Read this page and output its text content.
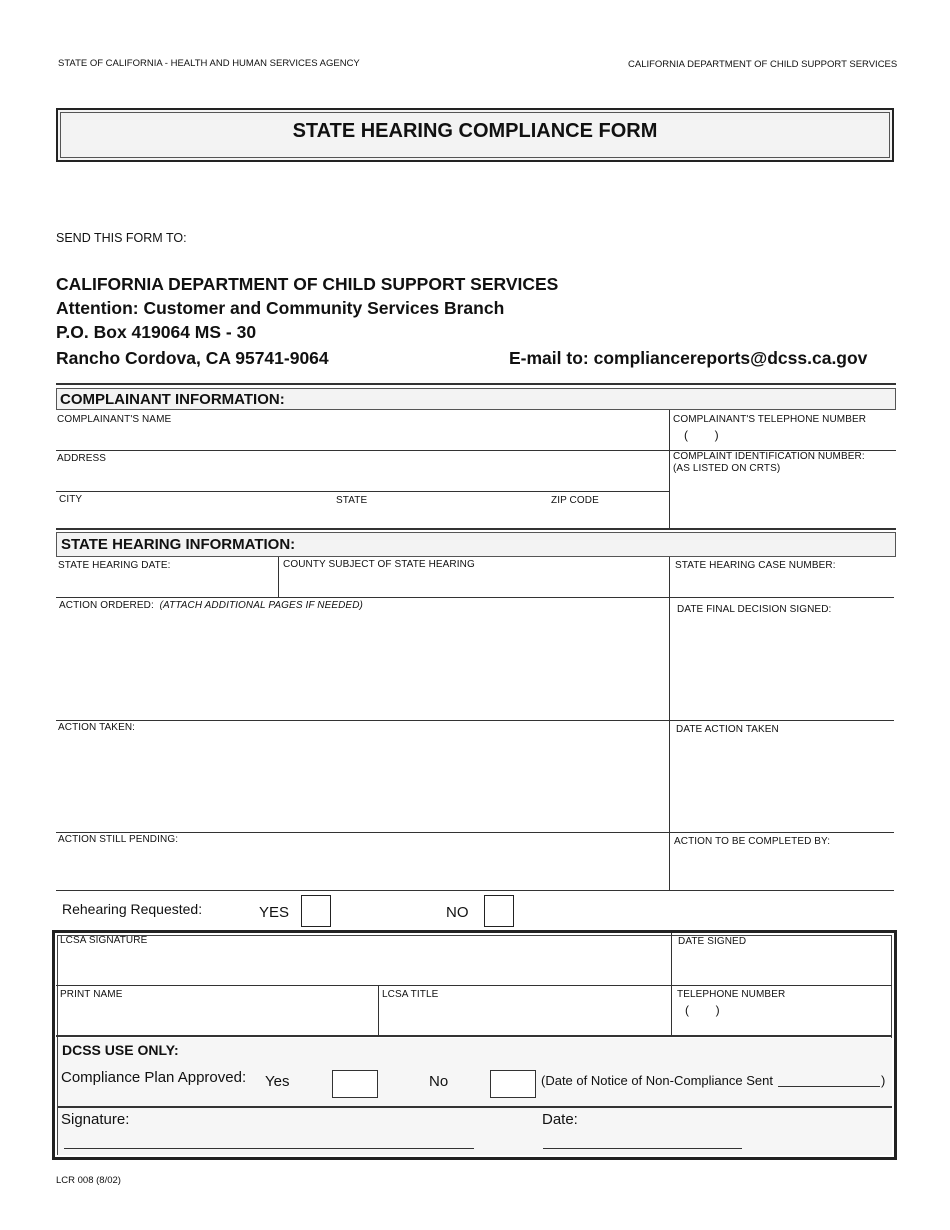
STATE OF CALIFORNIA - HEALTH AND HUMAN SERVICES AGENCY	CALIFORNIA DEPARTMENT OF CHILD SUPPORT SERVICES
STATE HEARING COMPLIANCE FORM
SEND THIS FORM TO:
CALIFORNIA DEPARTMENT OF CHILD SUPPORT SERVICES
Attention: Customer and Community Services Branch
P.O. Box 419064 MS - 30
Rancho Cordova, CA 95741-9064	E-mail to: compliancereports@dcss.ca.gov
COMPLAINANT INFORMATION:
COMPLAINANT'S NAME	COMPLAINANT'S TELEPHONE NUMBER
(        )
ADDRESS	COMPLAINT IDENTIFICATION NUMBER:
(AS LISTED ON CRTS)
CITY	STATE	ZIP CODE
STATE HEARING INFORMATION:
STATE HEARING DATE:	COUNTY SUBJECT OF STATE HEARING	STATE HEARING CASE NUMBER:
ACTION ORDERED: (ATTACH ADDITIONAL PAGES IF NEEDED)	DATE FINAL DECISION SIGNED:
ACTION TAKEN:	DATE ACTION TAKEN
ACTION STILL PENDING:	ACTION TO BE COMPLETED BY:
Rehearing Requested:	YES	NO
LCSA SIGNATURE	DATE SIGNED
PRINT NAME	LCSA TITLE	TELEPHONE NUMBER
(        )
DCSS USE ONLY:
Compliance Plan Approved: Yes	No	(Date of Notice of Non-Compliance Sent	)
Signature:	Date:
LCR 008 (8/02)
